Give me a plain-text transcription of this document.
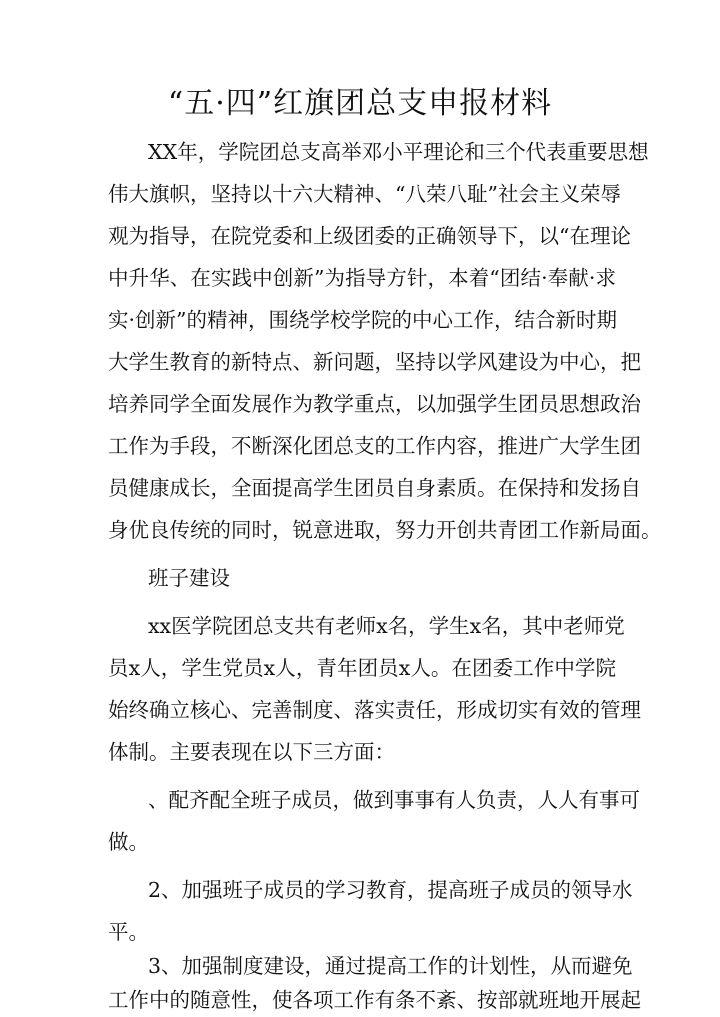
“五·四”红旗团总支申报材料
XX年，学院团总支高举邓小平理论和三个代表重要思想
伟大旗帜，坚持以十六大精神、“八荣八耻”社会主义荣辱
观为指导，在院党委和上级团委的正确领导下，以“在理论
中升华、在实践中创新”为指导方针，本着“团结·奉献·求
实·创新”的精神，围绕学校学院的中心工作，结合新时期
大学生教育的新特点、新问题，坚持以学风建设为中心，把
培养同学全面发展作为教学重点，以加强学生团员思想政治
工作为手段，不断深化团总支的工作内容，推进广大学生团
员健康成长，全面提高学生团员自身素质。在保持和发扬自
身优良传统的同时，锐意进取，努力开创共青团工作新局面。
班子建设
xx医学院团总支共有老师x名，学生x名，其中老师党
员x人，学生党员x人，青年团员x人。在团委工作中学院
始终确立核心、完善制度、落实责任，形成切实有效的管理
体制。主要表现在以下三方面：
、配齐配全班子成员，做到事事有人负责，人人有事可
做。
2、加强班子成员的学习教育，提高班子成员的领导水
平。
3、加强制度建设，通过提高工作的计划性，从而避免
工作中的随意性，使各项工作有条不紊、按部就班地开展起
